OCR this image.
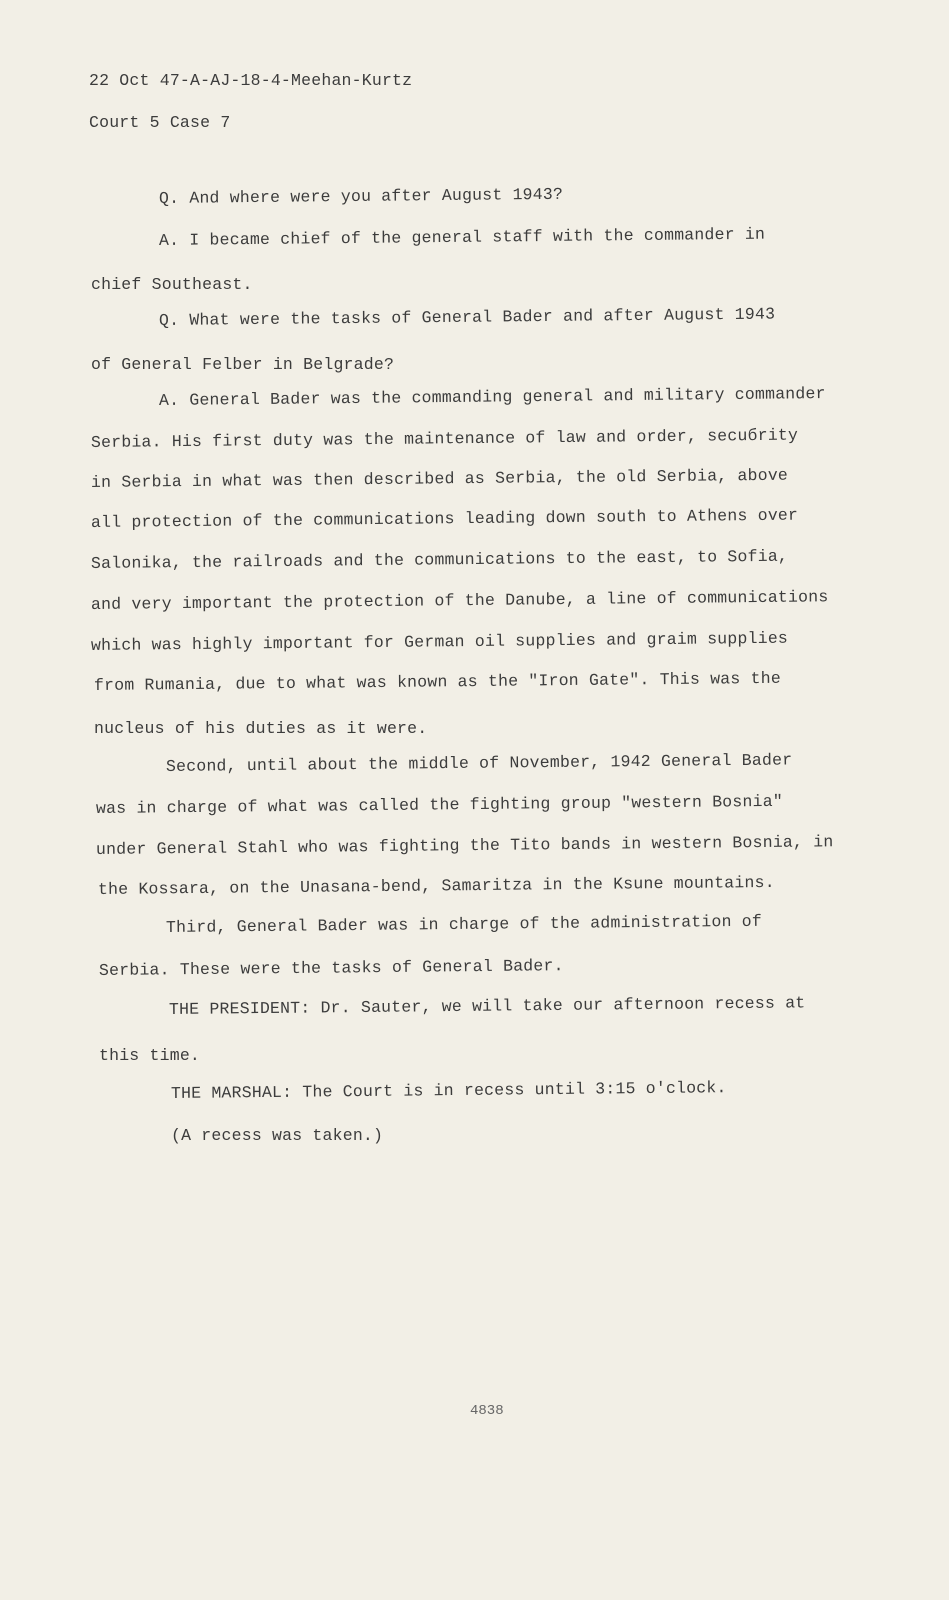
22 Oct 47-A-AJ-18-4-Meehan-Kurtz
Court 5 Case 7
Q. And where were you after August 1943?
A. I became chief of the general staff with the commander in
chief Southeast.
Q. What were the tasks of General Bader and after August 1943
of General Felber in Belgrade?
A. General Bader was the commanding general and military commander
Serbia. His first duty was the maintenance of law and order, secuбrity
in Serbia in what was then described as Serbia, the old Serbia, above
all protection of the communications leading down south to Athens over
Salonika, the railroads and the communications to the east, to Sofia,
and very important the protection of the Danube, a line of communications
which was highly important for German oil supplies and graim supplies
from Rumania, due to what was known as the "Iron Gate". This was the
nucleus of his duties as it were.
Second, until about the middle of November, 1942 General Bader
was in charge of what was called the fighting group "western Bosnia"
under General Stahl who was fighting the Tito bands in western Bosnia, in
the Kossara, on the Unasana-bend, Samaritza in the Ksune mountains.
Third, General Bader was in charge of the administration of
Serbia. These were the tasks of General Bader.
THE PRESIDENT: Dr. Sauter, we will take our afternoon recess at
this time.
THE MARSHAL: The Court is in recess until 3:15 o'clock.
(A recess was taken.)
4838
